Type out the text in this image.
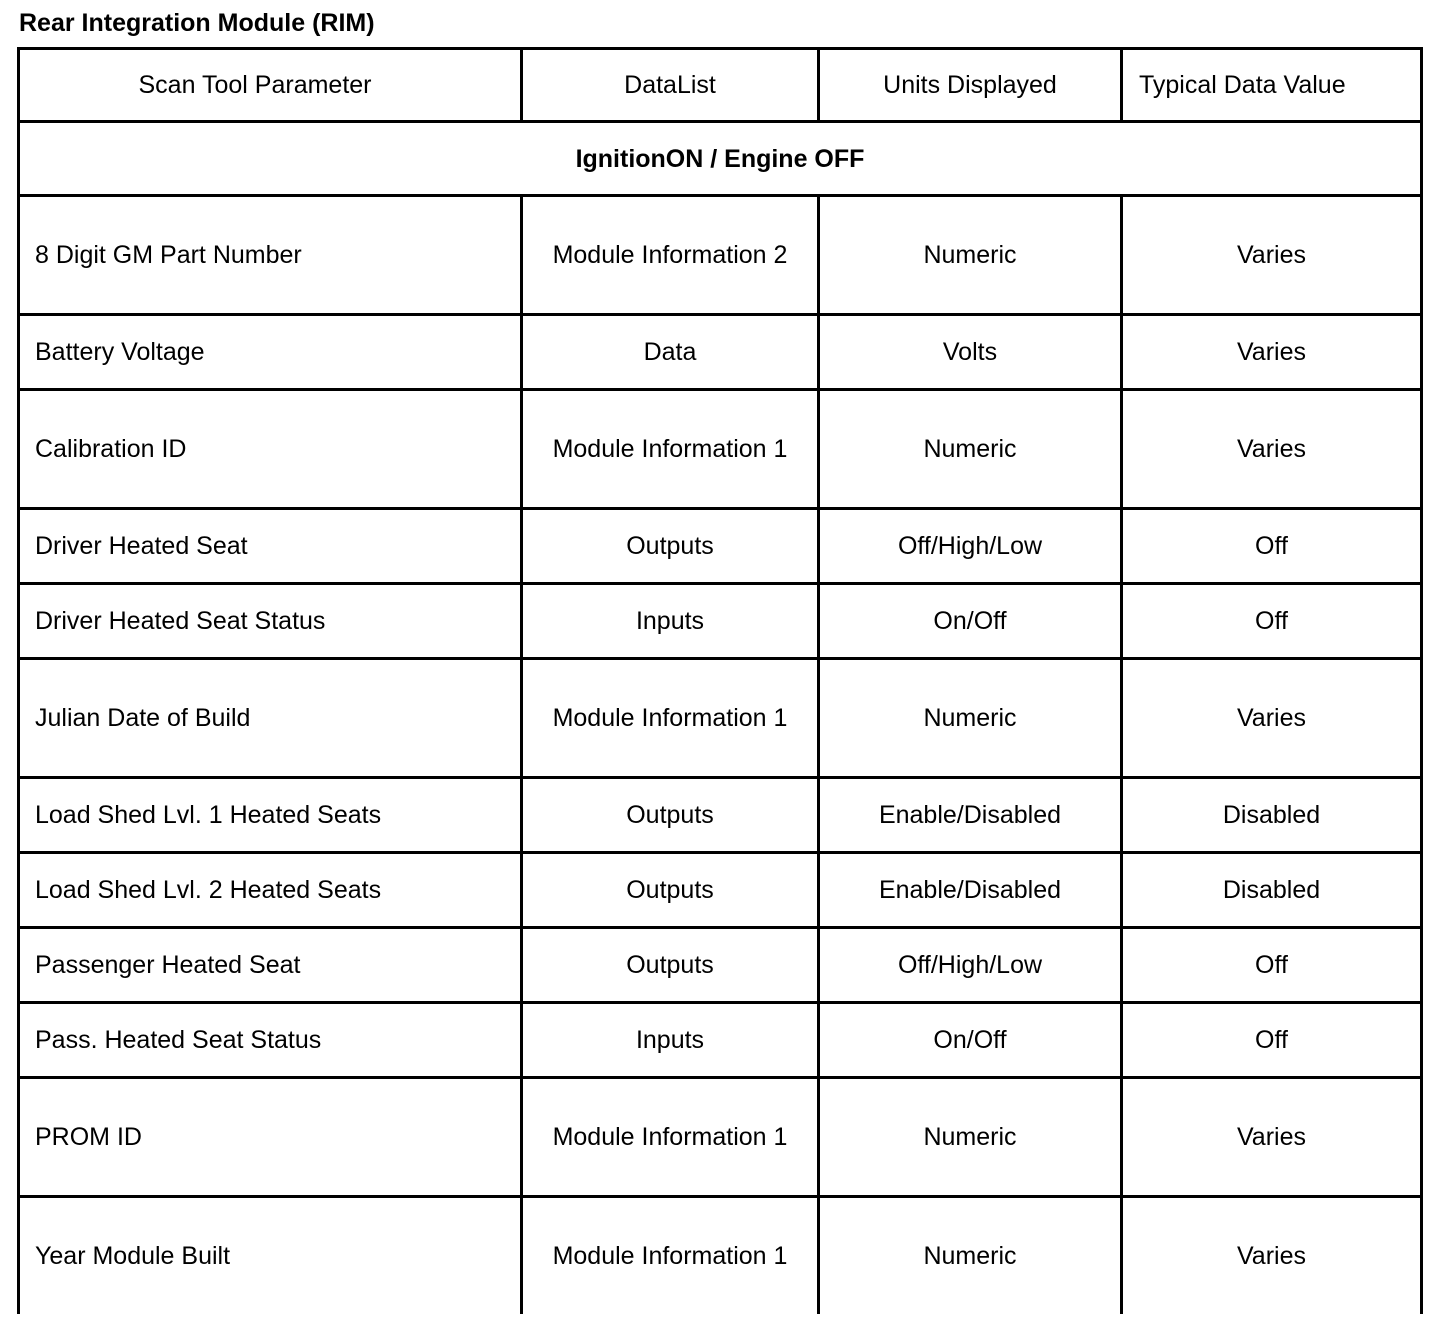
Rear Integration Module (RIM)
Scan Tool Parameter	DataList	Units Displayed	Typical Data Value
IgnitionON / Engine OFF			
8 Digit GM Part Number	Module Information 2	Numeric	Varies
Battery Voltage	Data	Volts	Varies
Calibration ID	Module Information 1	Numeric	Varies
Driver Heated Seat	Outputs	Off/High/Low	Off
Driver Heated Seat Status	Inputs	On/Off	Off
Julian Date of Build	Module Information 1	Numeric	Varies
Load Shed Lvl. 1 Heated Seats	Outputs	Enable/Disabled	Disabled
Load Shed Lvl. 2 Heated Seats	Outputs	Enable/Disabled	Disabled
Passenger Heated Seat	Outputs	Off/High/Low	Off
Pass. Heated Seat Status	Inputs	On/Off	Off
PROM ID	Module Information 1	Numeric	Varies
Year Module Built	Module Information 1	Numeric	Varies
